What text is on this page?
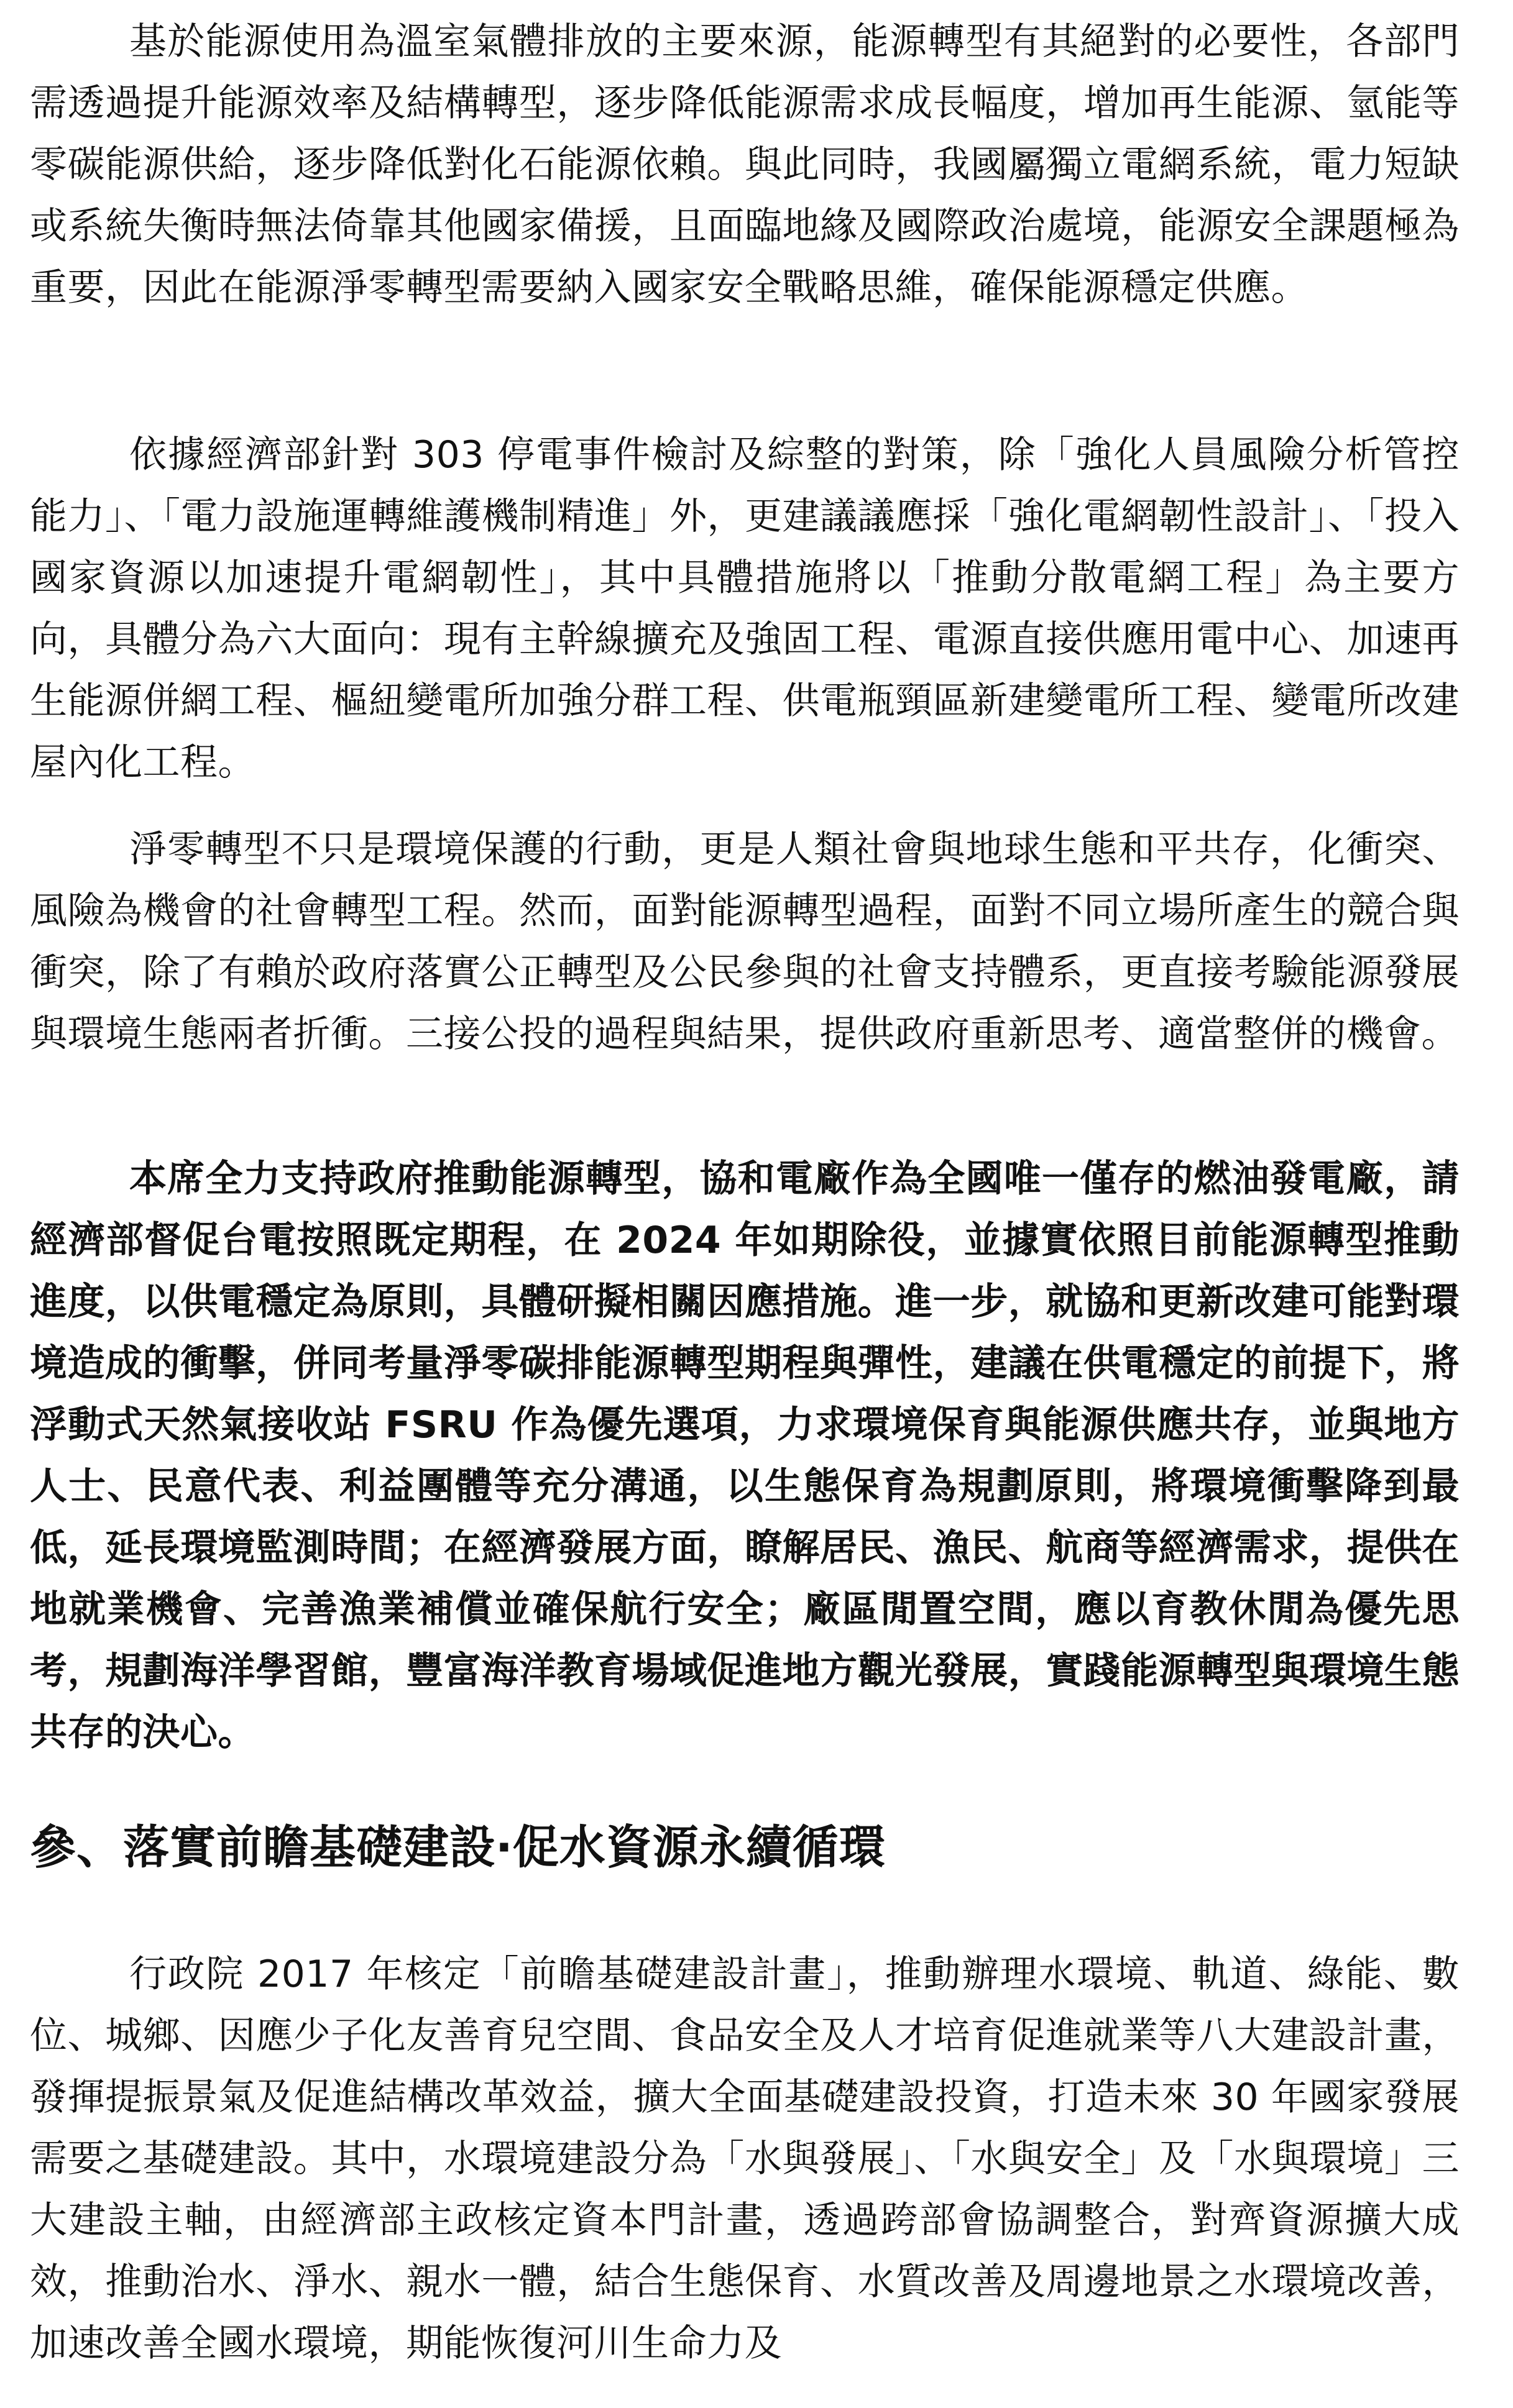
基於能源使用為溫室氣體排放的主要來源，能源轉型有其絕對的必要性，各部門需透過提升能源效率及結構轉型，逐步降低能源需求成長幅度，增加再生能源、氫能等零碳能源供給，逐步降低對化石能源依賴。與此同時，我國屬獨立電網系統，電力短缺或系統失衡時無法倚靠其他國家備援，且面臨地緣及國際政治處境，能源安全課題極為重要，因此在能源淨零轉型需要納入國家安全戰略思維，確保能源穩定供應。

依據經濟部針對 303 停電事件檢討及綜整的對策，除「強化人員風險分析管控能力」、「電力設施運轉維護機制精進」外，更建議議應採「強化電網韌性設計」、「投入國家資源以加速提升電網韌性」，其中具體措施將以「推動分散電網工程」為主要方向，具體分為六大面向：現有主幹線擴充及強固工程、電源直接供應用電中心、加速再生能源併網工程、樞紐變電所加強分群工程、供電瓶頸區新建變電所工程、變電所改建屋內化工程。

淨零轉型不只是環境保護的行動，更是人類社會與地球生態和平共存，化衝突、風險為機會的社會轉型工程。然而，面對能源轉型過程，面對不同立場所產生的競合與衝突，除了有賴於政府落實公正轉型及公民參與的社會支持體系，更直接考驗能源發展與環境生態兩者折衝。三接公投的過程與結果，提供政府重新思考、適當整併的機會。

本席全力支持政府推動能源轉型，協和電廠作為全國唯一僅存的燃油發電廠，請經濟部督促台電按照既定期程，在 2024 年如期除役，並據實依照目前能源轉型推動進度，以供電穩定為原則，具體研擬相關因應措施。進一步，就協和更新改建可能對環境造成的衝擊，併同考量淨零碳排能源轉型期程與彈性，建議在供電穩定的前提下，將浮動式天然氣接收站 FSRU 作為優先選項，力求環境保育與能源供應共存，並與地方人士、民意代表、利益團體等充分溝通，以生態保育為規劃原則，將環境衝擊降到最低，延長環境監測時間；在經濟發展方面，瞭解居民、漁民、航商等經濟需求，提供在地就業機會、完善漁業補償並確保航行安全；廠區閒置空間，應以育教休閒為優先思考，規劃海洋學習館，豐富海洋教育場域促進地方觀光發展，實踐能源轉型與環境生態共存的決心。

參、落實前瞻基礎建設‧促水資源永續循環

行政院 2017 年核定「前瞻基礎建設計畫」，推動辦理水環境、軌道、綠能、數位、城鄉、因應少子化友善育兒空間、食品安全及人才培育促進就業等八大建設計畫，發揮提振景氣及促進結構改革效益，擴大全面基礎建設投資，打造未來 30 年國家發展需要之基礎建設。其中，水環境建設分為「水與發展」、「水與安全」及「水與環境」三大建設主軸，由經濟部主政核定資本門計畫，透過跨部會協調整合，對齊資源擴大成效，推動治水、淨水、親水一體，結合生態保育、水質改善及周邊地景之水環境改善，加速改善全國水環境，期能恢復河川生命力及
